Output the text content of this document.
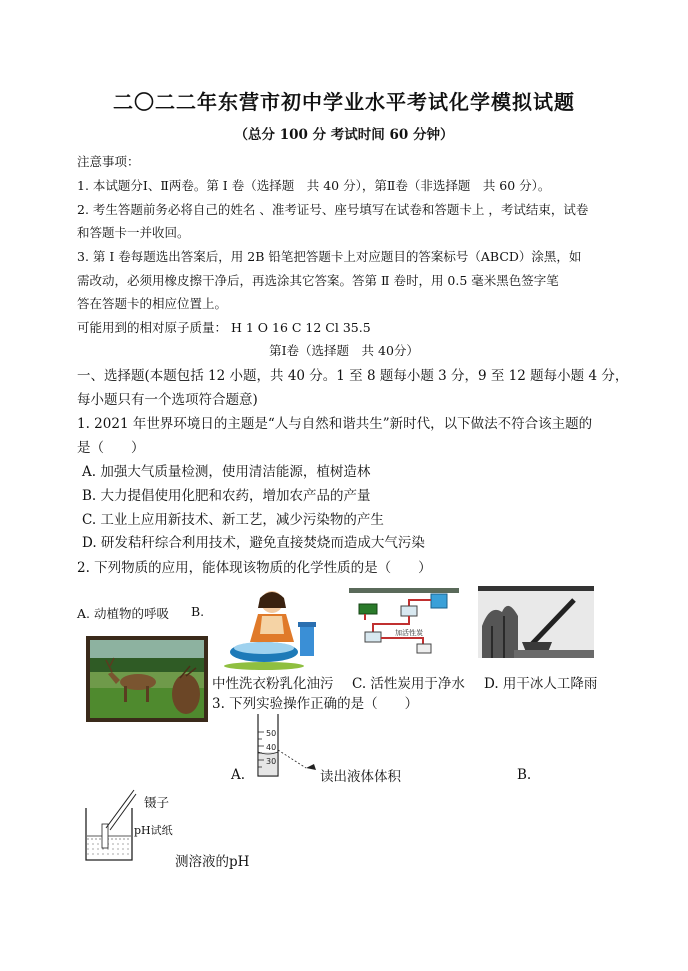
二〇二二年东营市初中学业水平考试化学模拟试题
（总分 100 分 考试时间 60 分钟）
注意事项：
1. 本试题分Ⅰ、Ⅱ两卷。第 Ⅰ 卷（选择题　共 40 分），第Ⅱ卷（非选择题　共 60 分）。
2. 考生答题前务必将自己的姓名 、准考证号、座号填写在试卷和答题卡上 ，考试结束，试卷
和答题卡一并收回。
3. 第 Ⅰ 卷每题选出答案后，用 2B 铅笔把答题卡上对应题目的答案标号（ABCD）涂黑，如
需改动，必须用橡皮擦干净后，再选涂其它答案。答第 Ⅱ 卷时，用 0.5 毫米黑色签字笔
答在答题卡的相应位置上。
可能用到的相对原子质量： H 1 O 16 C 12 Cl 35.5
第Ⅰ卷（选择题　共 40分）
一、选择题(本题包括 12 小题，共 40 分。1 至 8 题每小题 3 分，9 至 12 题每小题 4 分，
每小题只有一个选项符合题意)
1. 2021 年世界环境日的主题是“人与自然和谐共生”新时代，以下做法不符合该主题的
是（　　）
A. 加强大气质量检测，使用清洁能源，植树造林
B. 大力提倡使用化肥和农药，增加农产品的产量
C. 工业上应用新技术、新工艺，减少污染物的产生
D. 研发秸秆综合利用技术，避免直接焚烧而造成大气污染
2. 下列物质的应用，能体现该物质的化学性质的是（　　）
A. 动植物的呼吸 B.
加活性炭
中性洗衣粉乳化油污 C. 活性炭用于净水 D. 用干冰人工降雨
3. 下列实验操作正确的是（　　）
50
40
30
A.	读出液体体积	B.
镊子
pH试纸
测溶液的pH
